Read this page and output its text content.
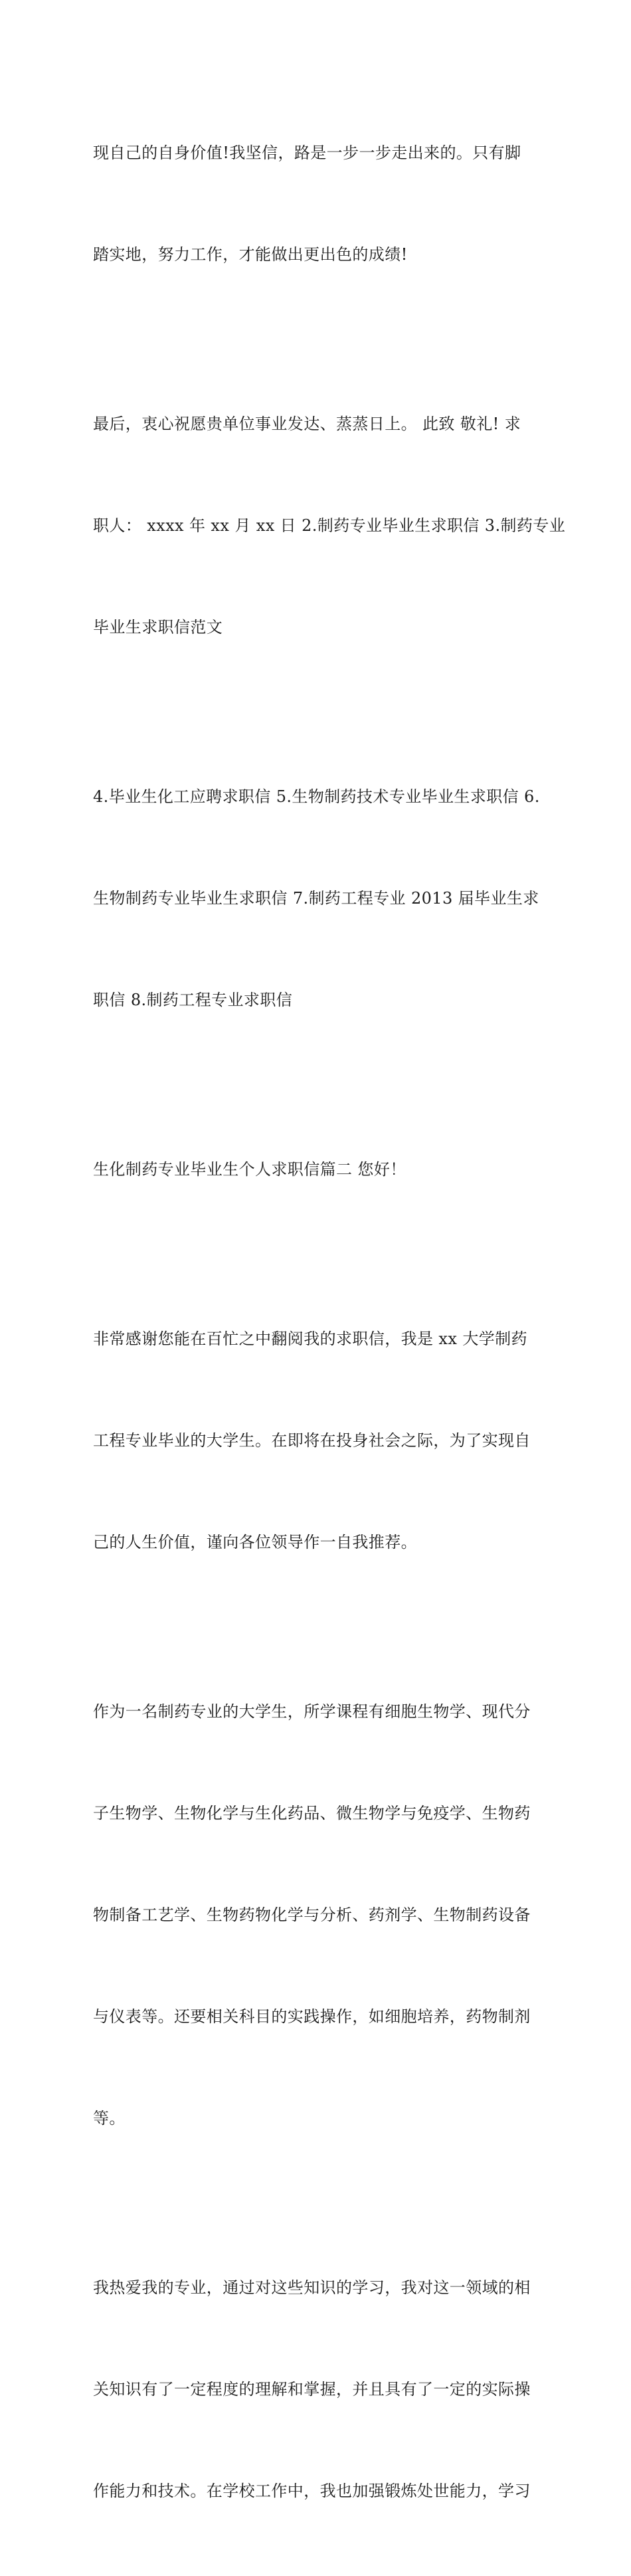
现自己的自身价值!我坚信，路是一步一步走出来的。只有脚

踏实地，努力工作，才能做出更出色的成绩!

最后，衷心祝愿贵单位事业发达、蒸蒸日上。 此致 敬礼! 求

职人： xxxx 年 xx 月 xx 日 2.制药专业毕业生求职信 3.制药专业

毕业生求职信范文

4.毕业生化工应聘求职信 5.生物制药技术专业毕业生求职信 6.

生物制药专业毕业生求职信 7.制药工程专业 2013 届毕业生求

职信 8.制药工程专业求职信

生化制药专业毕业生个人求职信篇二 您好！

非常感谢您能在百忙之中翻阅我的求职信，我是 xx 大学制药

工程专业毕业的大学生。在即将在投身社会之际，为了实现自

己的人生价值，谨向各位领导作一自我推荐。

作为一名制药专业的大学生，所学课程有细胞生物学、现代分

子生物学、生物化学与生化药品、微生物学与免疫学、生物药

物制备工艺学、生物药物化学与分析、药剂学、生物制药设备

与仪表等。还要相关科目的实践操作，如细胞培养，药物制剂

等。

我热爱我的专业，通过对这些知识的学习，我对这一领域的相

关知识有了一定程度的理解和掌握，并且具有了一定的实际操

作能力和技术。在学校工作中，我也加强锻炼处世能力，学习
